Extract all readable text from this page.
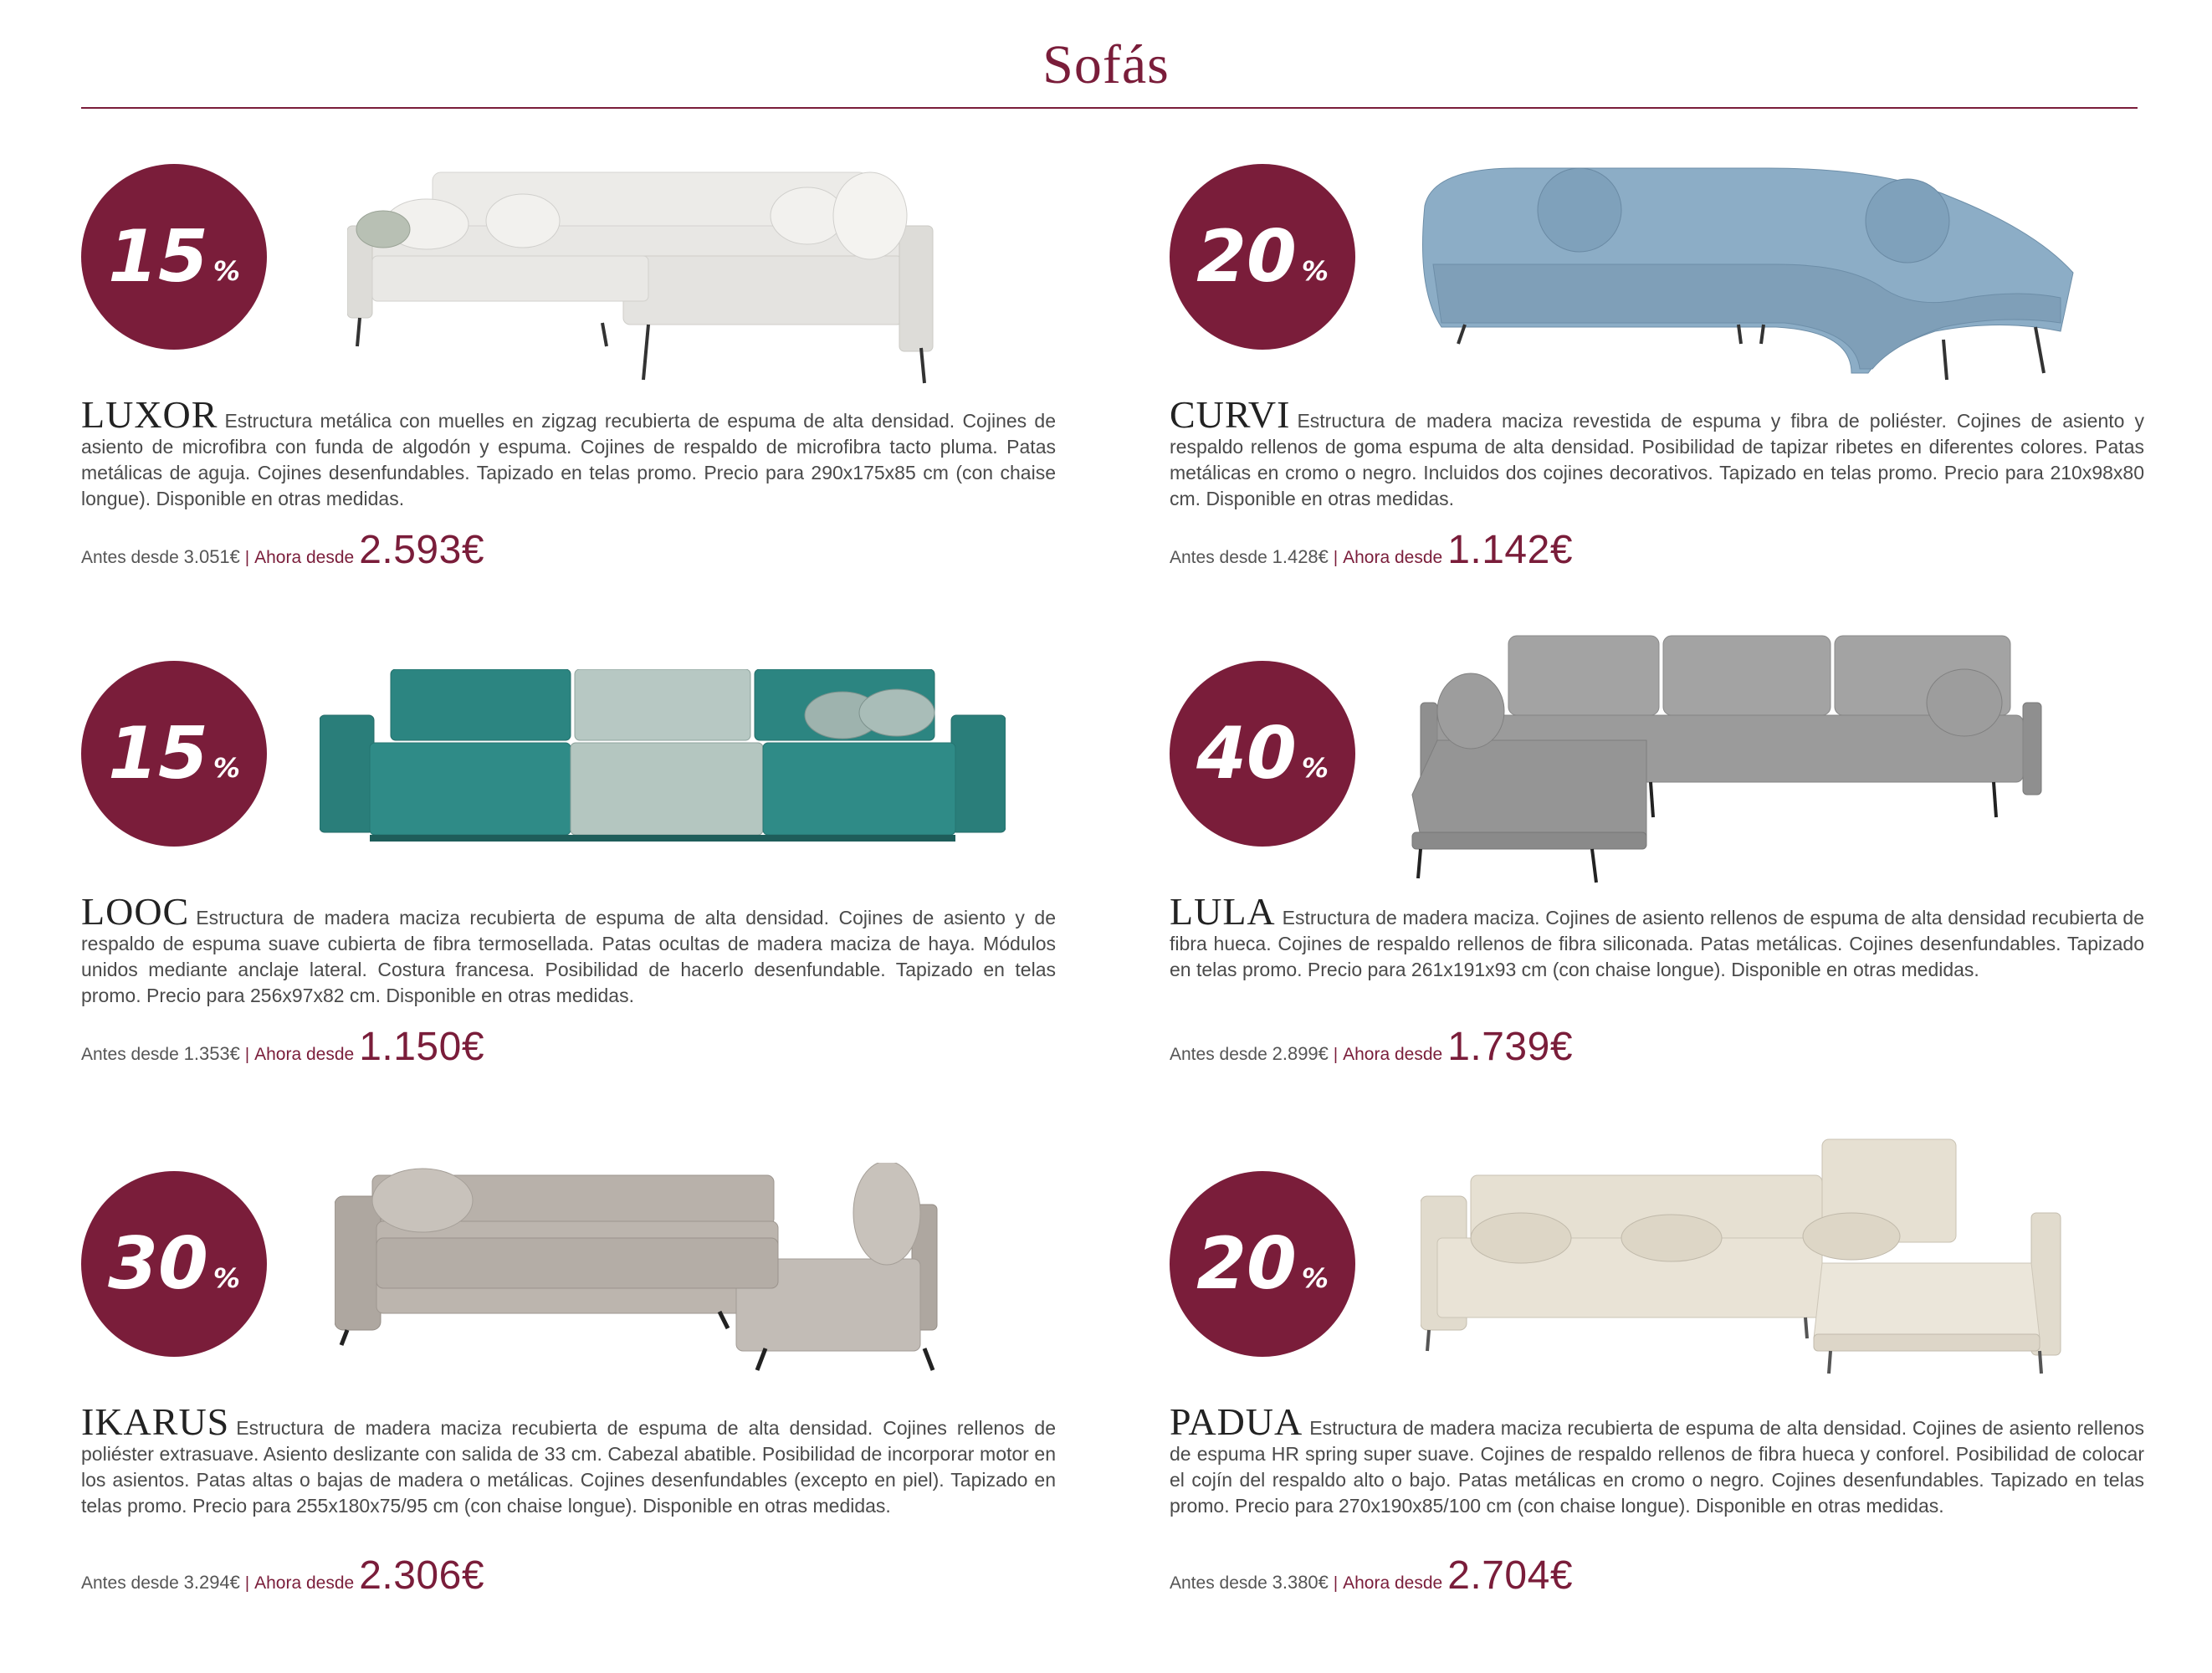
Sofás
15 %
LUXOR Estructura metálica con muelles en zigzag recubierta de espuma de alta densidad. Cojines de asiento de microfibra con funda de algodón y espuma. Cojines de respaldo de microfibra tacto pluma. Patas metálicas de aguja. Cojines desenfundables. Tapizado en telas promo. Precio para 290x175x85 cm (con chaise longue). Disponible en otras medidas.
Antes desde 3.051€ | Ahora desde 2.593€
20 %
CURVI Estructura de madera maciza revestida de espuma y fibra de poliéster. Cojines de asiento y respaldo rellenos de goma espuma de alta densidad. Posibilidad de tapizar ribetes en diferentes colores. Patas metálicas en cromo o negro. Incluidos dos cojines decorativos. Tapizado en telas promo. Precio para 210x98x80 cm. Disponible en otras medidas.
Antes desde 1.428€ | Ahora desde 1.142€
15 %
LOOC Estructura de madera maciza recubierta de espuma de alta densidad. Cojines de asiento y de respaldo de espuma suave cubierta de fibra termosellada. Patas ocultas de madera maciza de haya. Módulos unidos mediante anclaje lateral. Costura francesa. Posibilidad de hacerlo desenfundable. Tapizado en telas promo. Precio para 256x97x82 cm. Disponible en otras medidas.
Antes desde 1.353€ | Ahora desde 1.150€
40 %
LULA Estructura de madera maciza. Cojines de asiento rellenos de espuma de alta densidad recubierta de fibra hueca. Cojines de respaldo rellenos de fibra siliconada. Patas metálicas. Cojines desenfundables. Tapizado en telas promo. Precio para 261x191x93 cm (con chaise longue). Disponible en otras medidas.
Antes desde 2.899€ | Ahora desde 1.739€
30 %
IKARUS Estructura de madera maciza recubierta de espuma de alta densidad. Cojines rellenos de poliéster extrasuave. Asiento deslizante con salida de 33 cm. Cabezal abatible. Posibilidad de incorporar motor en los asientos. Patas altas o bajas de madera o metálicas. Cojines desenfundables (excepto en piel). Tapizado en telas promo. Precio para 255x180x75/95 cm (con chaise longue). Disponible en otras medidas.
Antes desde 3.294€ | Ahora desde 2.306€
20 %
PADUA Estructura de madera maciza recubierta de espuma de alta densidad. Cojines de asiento rellenos de espuma HR spring super suave. Cojines de respaldo rellenos de fibra hueca y conforel. Posibilidad de colocar el cojín del respaldo alto o bajo. Patas metálicas en cromo o negro. Cojines desenfundables. Tapizado en telas promo. Precio para 270x190x85/100 cm (con chaise longue). Disponible en otras medidas.
Antes desde 3.380€ | Ahora desde 2.704€
